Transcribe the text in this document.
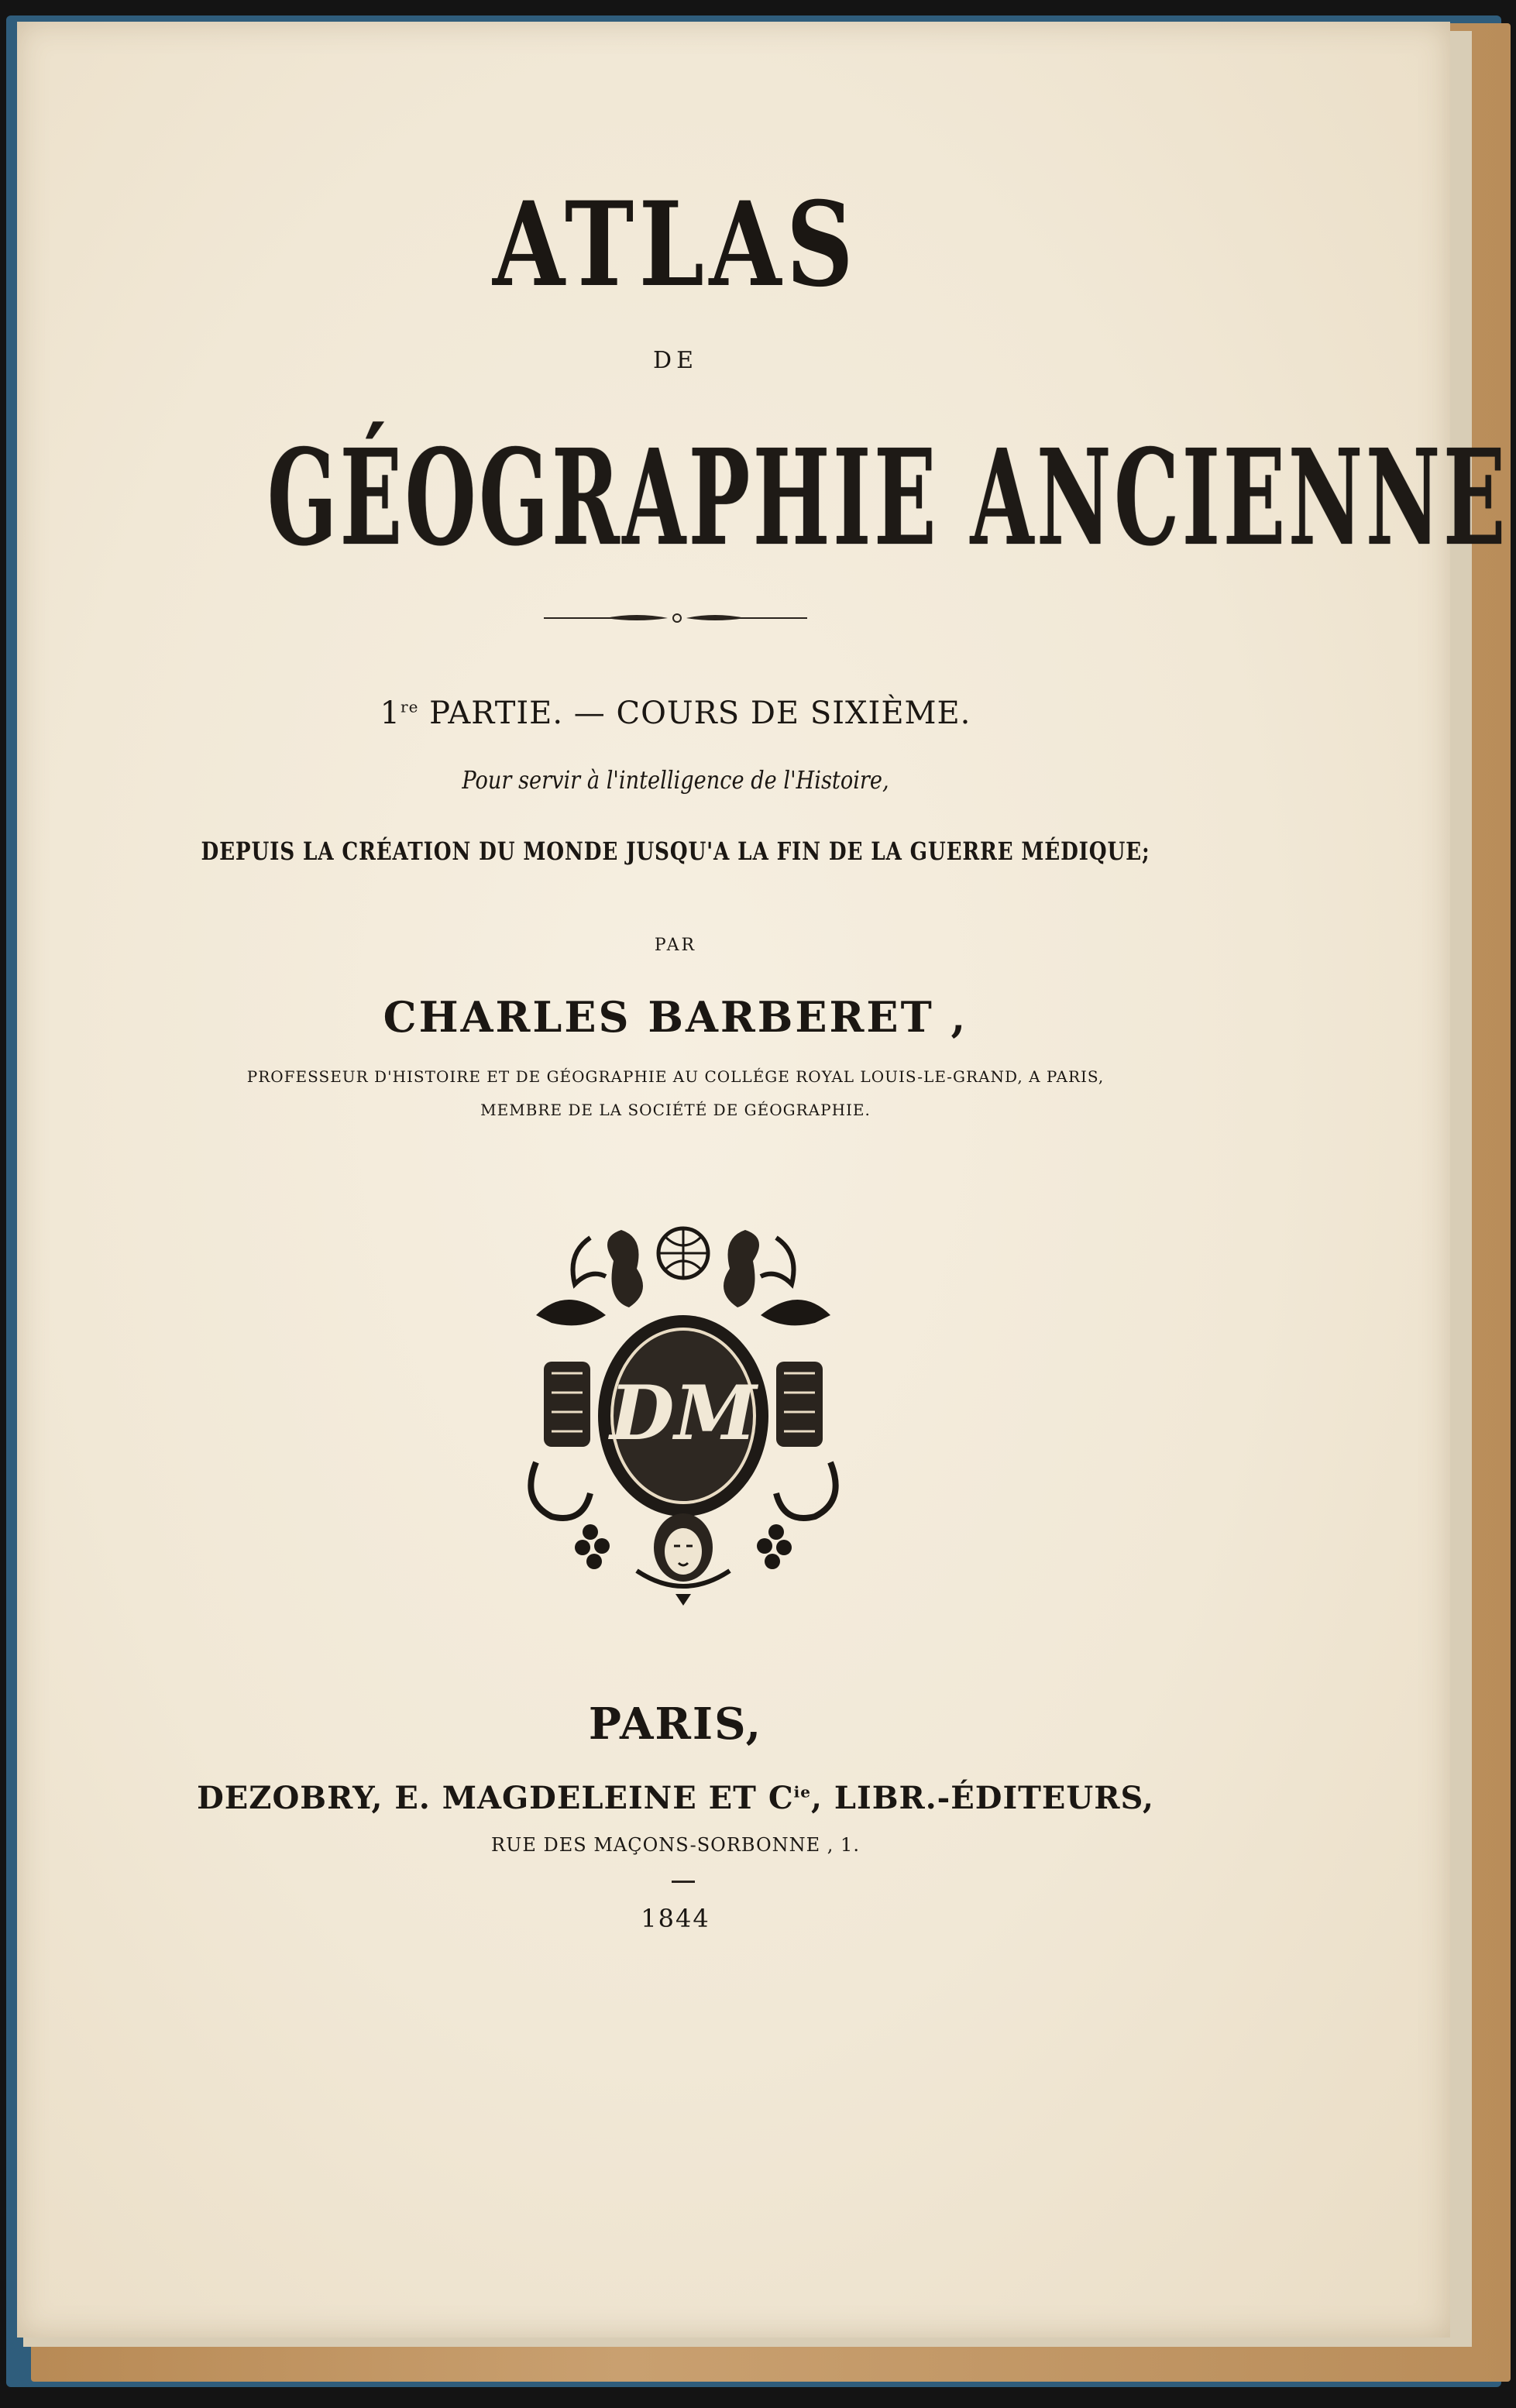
ATLAS
DE
GÉOGRAPHIE ANCIENNE
1re PARTIE. — COURS DE SIXIÈME.
Pour servir à l'intelligence de l'Histoire,
DEPUIS LA CRÉATION DU MONDE JUSQU'A LA FIN DE LA GUERRE MÉDIQUE;
PAR
CHARLES BARBERET ,
PROFESSEUR D'HISTOIRE ET DE GÉOGRAPHIE AU COLLÉGE ROYAL LOUIS-LE-GRAND, A PARIS,
MEMBRE DE LA SOCIÉTÉ DE GÉOGRAPHIE.
DM
PARIS,
DEZOBRY, E. MAGDELEINE ET $C^{ie}$, LIBR.-ÉDITEURS,
RUE DES MAÇONS-SORBONNE , 1.
1844
